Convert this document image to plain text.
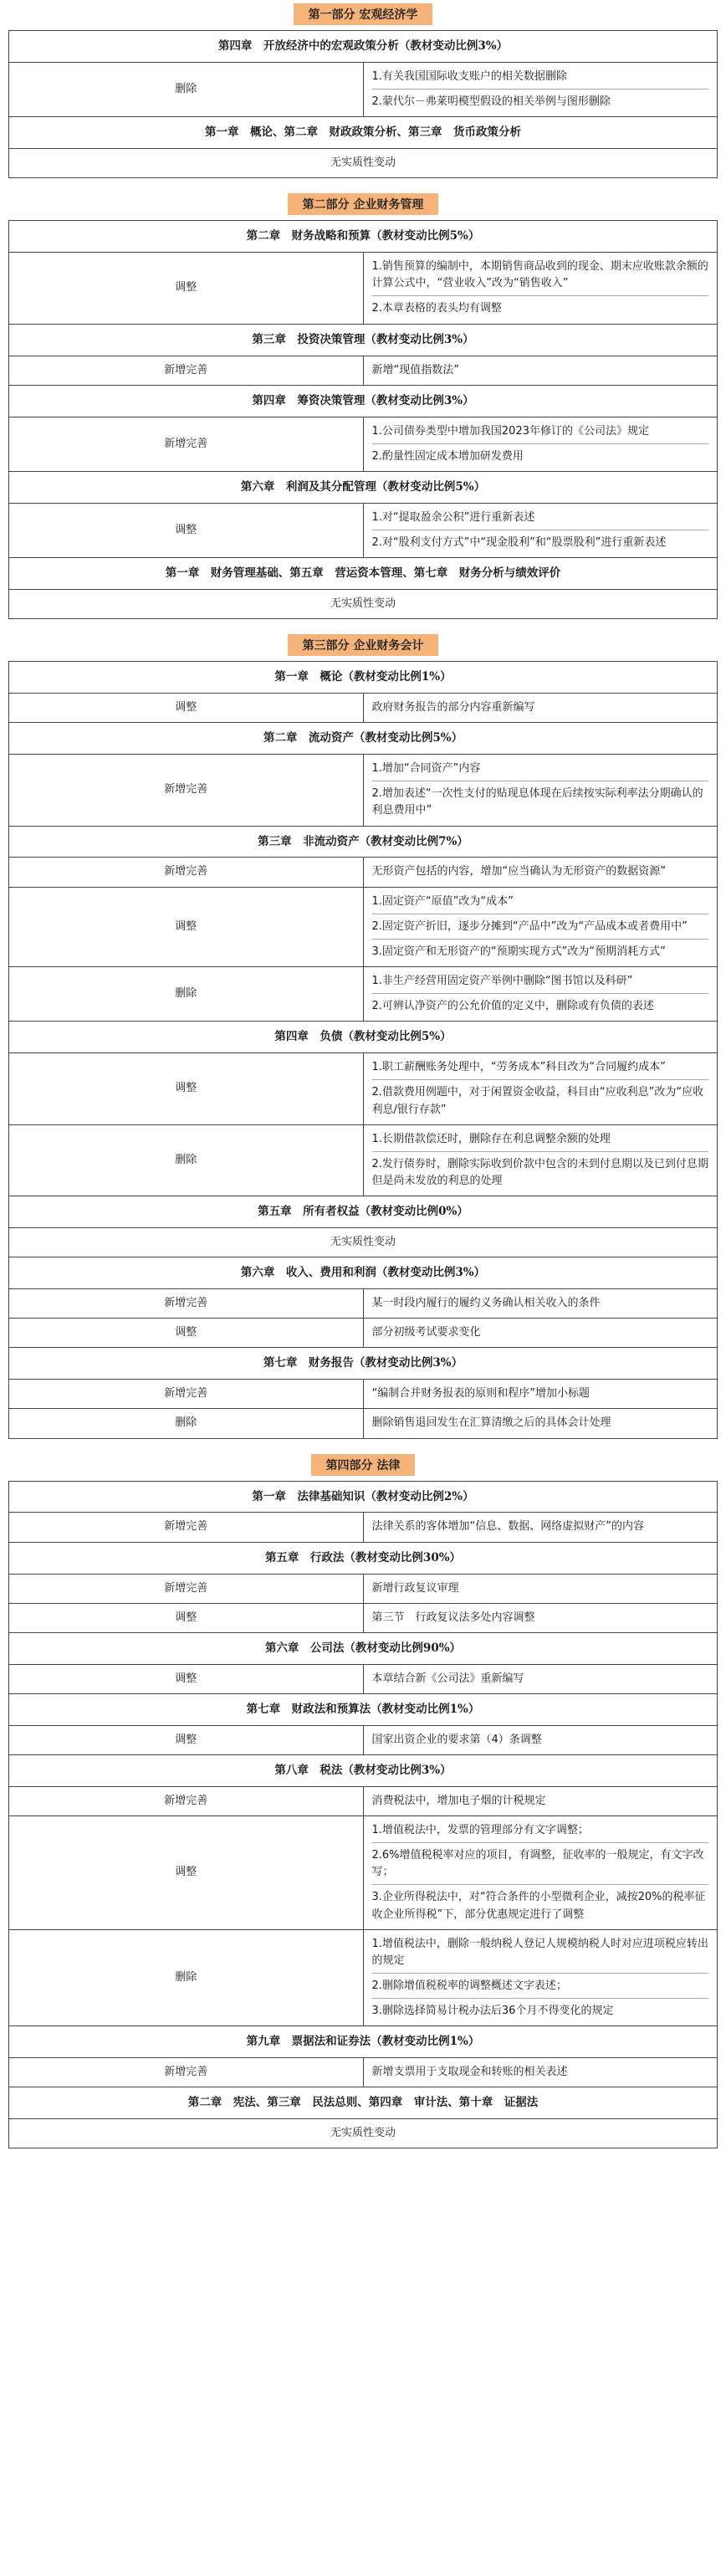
第一部分 宏观经济学
第四章　开放经济中的宏观政策分析（教材变动比例3%）
删除	
1.有关我国国际收支账户的相关数据删除
2.蒙代尔－弗莱明模型假设的相关举例与图形删除

第一章　概论、第二章　财政政策分析、第三章　货币政策分析
无实质性变动
第二部分 企业财务管理
第二章　财务战略和预算（教材变动比例5%）	
调整	1.销售预算的编制中，本期销售商品收到的现金、期末应收账款余额的计算公式中，“营业收入”改为“销售收入”
2.本章表格的表头均有调整

第三章　投资决策管理（教材变动比例3%）	
新增完善	新增“现值指数法”

第四章　筹资决策管理（教材变动比例3%）	
新增完善	1.公司债券类型中增加我国2023年修订的《公司法》规定
2.酌量性固定成本增加研发费用

第六章　利润及其分配管理（教材变动比例5%）	
调整	1.对“提取盈余公积”进行重新表述
2.对“股利支付方式”中“现金股利”和“股票股利”进行重新表述

第一章　财务管理基础、第五章　营运资本管理、第七章　财务分析与绩效评价	
无实质性变动	
第三部分 企业财务会计
第一章　概论（教材变动比例1%）	
调整	政府财务报告的部分内容重新编写

第二章　流动资产（教材变动比例5%）	
新增完善	1.增加“合同资产”内容
2.增加表述“一次性支付的贴现息体现在后续按实际利率法分期确认的利息费用中”

第三章　非流动资产（教材变动比例7%）	
新增完善	无形资产包括的内容，增加“应当确认为无形资产的数据资源”

调整	1.固定资产“原值”改为“成本”
2.固定资产折旧，逐步分摊到“产品中”改为“产品成本或者费用中”
3.固定资产和无形资产的“预期实现方式”改为“预期消耗方式”

删除	1.非生产经营用固定资产举例中删除“图书馆以及科研”
2.可辨认净资产的公允价值的定义中，删除或有负债的表述

第四章　负债（教材变动比例5%）	
调整	1.职工薪酬账务处理中，“劳务成本”科目改为“合同履约成本”
2.借款费用例题中，对于闲置资金收益，科目由“应收利息”改为“应收利息/银行存款”

删除	1.长期借款偿还时，删除存在利息调整余额的处理
2.发行债券时，删除实际收到价款中包含的未到付息期以及已到付息期但是尚未发放的利息的处理

第五章　所有者权益（教材变动比例0%）	
无实质性变动	
第六章　收入、费用和利润（教材变动比例3%）	
新增完善	某一时段内履行的履约义务确认相关收入的条件

调整	部分初级考试要求变化

第七章　财务报告（教材变动比例3%）	
新增完善	“编制合并财务报表的原则和程序”增加小标题

删除	删除销售退回发生在汇算清缴之后的具体会计处理
第四部分 法律
第一章　法律基础知识（教材变动比例2%）	
新增完善	法律关系的客体增加“信息、数据、网络虚拟财产”的内容

第五章　行政法（教材变动比例30%）	
新增完善	新增行政复议审理

调整	第三节　行政复议法多处内容调整

第六章　公司法（教材变动比例90%）	
调整	本章结合新《公司法》重新编写

第七章　财政法和预算法（教材变动比例1%）	
调整	国家出资企业的要求第（4）条调整

第八章　税法（教材变动比例3%）	
新增完善	消费税法中，增加电子烟的计税规定

调整	1.增值税法中，发票的管理部分有文字调整；
2.6%增值税税率对应的项目，有调整，征收率的一般规定，有文字改写；
3.企业所得税法中，对“符合条件的小型微利企业，减按20%的税率征收企业所得税”下，部分优惠规定进行了调整

删除	1.增值税法中，删除一般纳税人登记人规模纳税人时对应进项税应转出的规定
2.删除增值税税率的调整概述文字表述；
3.删除选择简易计税办法后36个月不得变化的规定

第九章　票据法和证券法（教材变动比例1%）	
新增完善	新增支票用于支取现金和转账的相关表述

第二章　宪法、第三章　民法总则、第四章　审计法、第十章　证据法	
无实质性变动	
